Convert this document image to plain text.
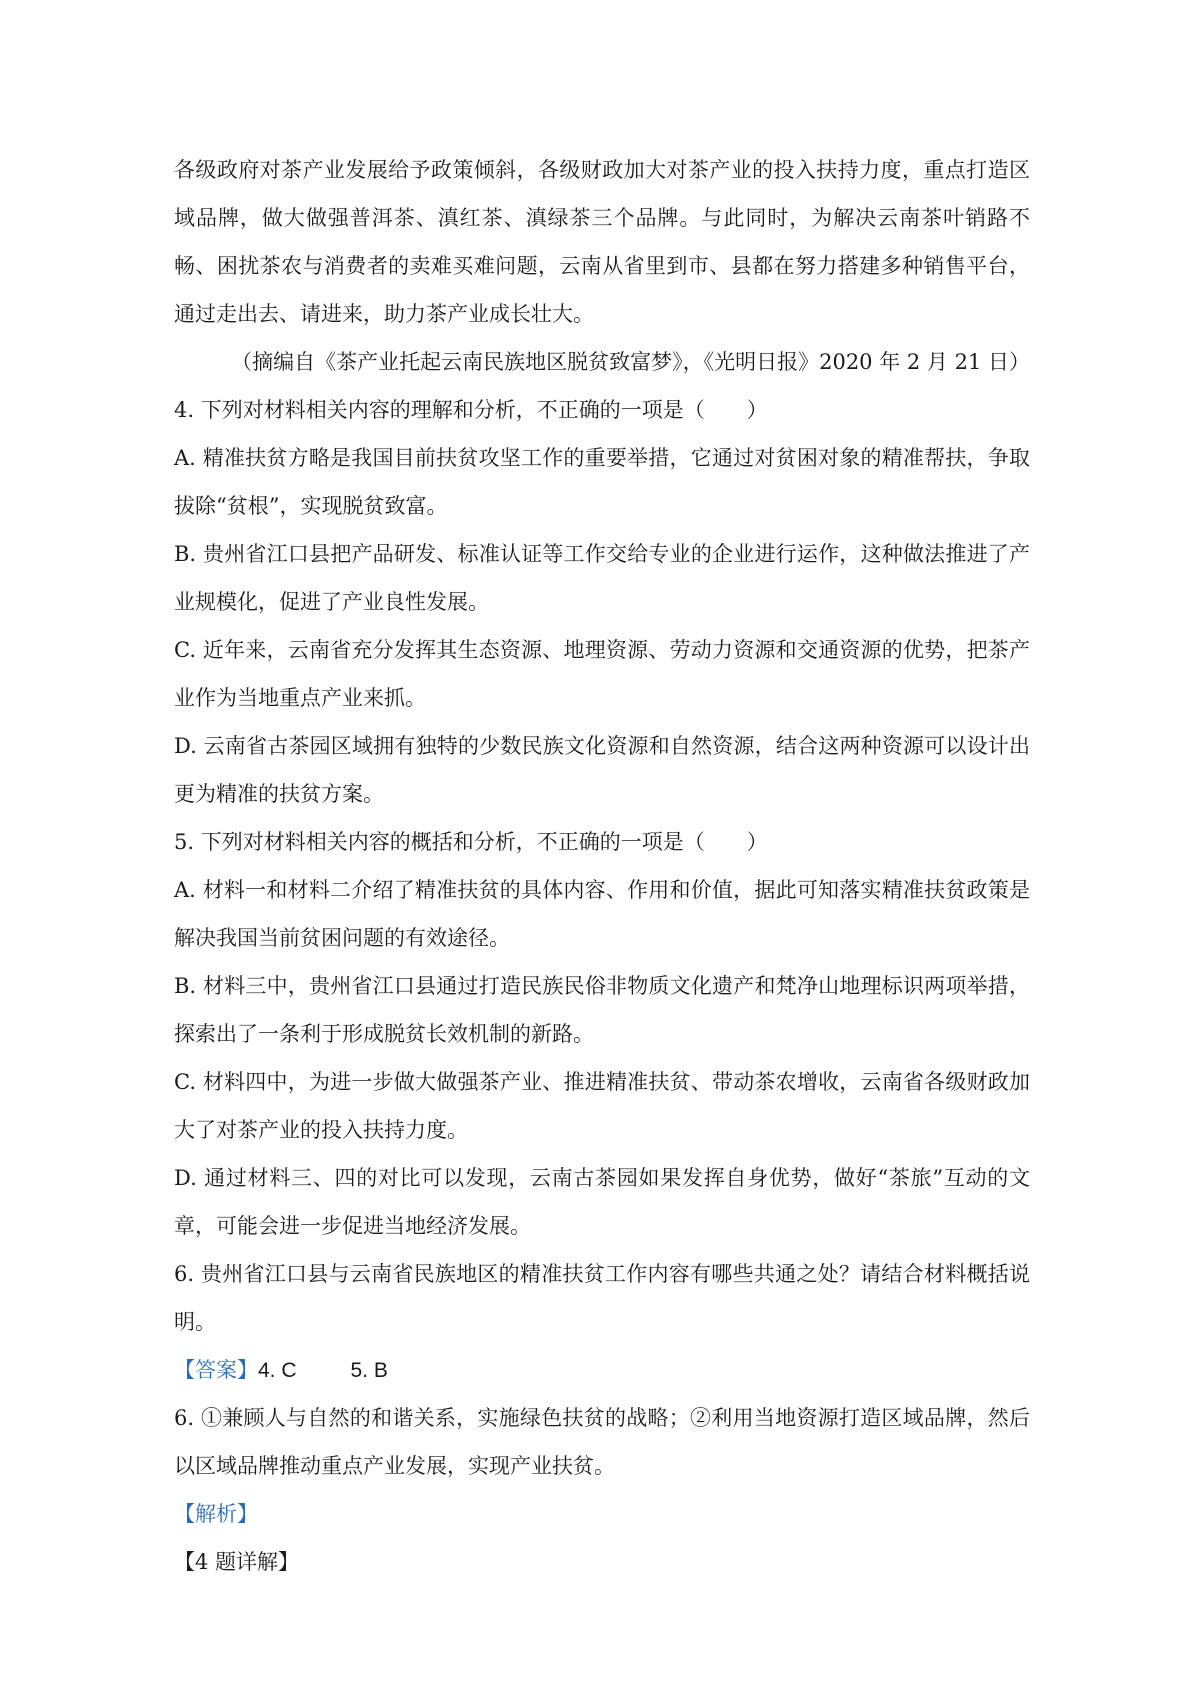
各级政府对茶产业发展给予政策倾斜，各级财政加大对茶产业的投入扶持力度，重点打造区
域品牌，做大做强普洱茶、滇红茶、滇绿茶三个品牌。与此同时，为解决云南茶叶销路不
畅、困扰茶农与消费者的卖难买难问题，云南从省里到市、县都在努力搭建多种销售平台，
通过走出去、请进来，助力茶产业成长壮大。
（摘编自《茶产业托起云南民族地区脱贫致富梦》，《光明日报》2020 年 2 月 21 日）
4. 下列对材料相关内容的理解和分析，不正确的一项是（　　）
A. 精准扶贫方略是我国目前扶贫攻坚工作的重要举措，它通过对贫困对象的精准帮扶，争取
拔除“贫根”，实现脱贫致富。
B. 贵州省江口县把产品研发、标准认证等工作交给专业的企业进行运作，这种做法推进了产
业规模化，促进了产业良性发展。
C. 近年来，云南省充分发挥其生态资源、地理资源、劳动力资源和交通资源的优势，把茶产
业作为当地重点产业来抓。
D. 云南省古茶园区域拥有独特的少数民族文化资源和自然资源，结合这两种资源可以设计出
更为精准的扶贫方案。
5. 下列对材料相关内容的概括和分析，不正确的一项是（　　）
A. 材料一和材料二介绍了精准扶贫的具体内容、作用和价值，据此可知落实精准扶贫政策是
解决我国当前贫困问题的有效途径。
B. 材料三中，贵州省江口县通过打造民族民俗非物质文化遗产和梵净山地理标识两项举措，
探索出了一条利于形成脱贫长效机制的新路。
C. 材料四中，为进一步做大做强茶产业、推进精准扶贫、带动茶农增收，云南省各级财政加
大了对茶产业的投入扶持力度。
D. 通过材料三、四的对比可以发现，云南古茶园如果发挥自身优势，做好“茶旅”互动的文
章，可能会进一步促进当地经济发展。
6. 贵州省江口县与云南省民族地区的精准扶贫工作内容有哪些共通之处？请结合材料概括说
明。
【答案】4. C	5. B
6. ①兼顾人与自然的和谐关系，实施绿色扶贫的战略；②利用当地资源打造区域品牌，然后
以区域品牌推动重点产业发展，实现产业扶贫。
【解析】
【4 题详解】
